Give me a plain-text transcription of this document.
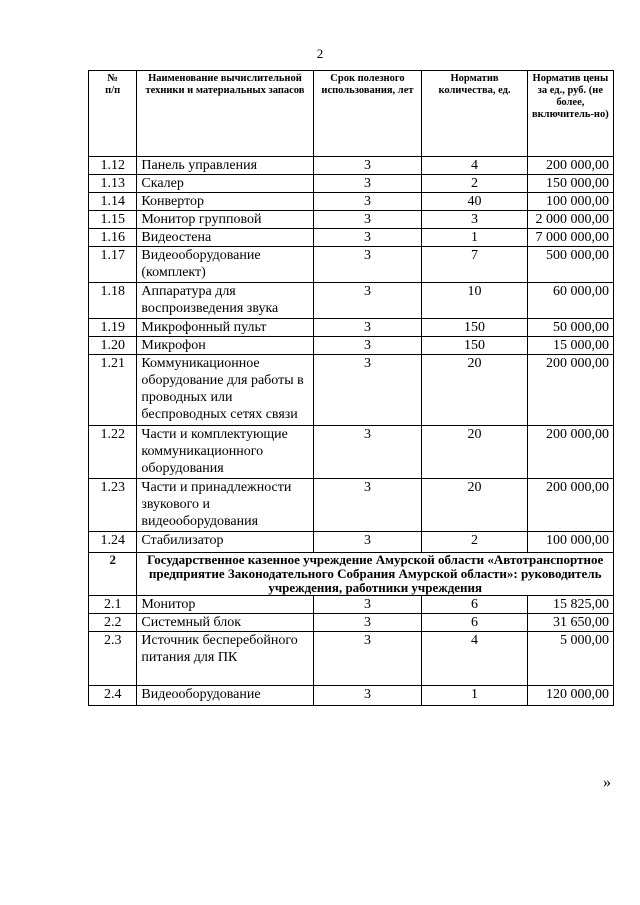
2
№
п/п	Наименование вычислительной техники и материальных запасов	Срок полезного использования, лет	Норматив количества, ед.	Норматив цены за ед., руб. (не более, включитель-но)
1.12	Панель управления	3	4	200 000,00
1.13	Скалер	3	2	150 000,00
1.14	Конвертор	3	40	100 000,00
1.15	Монитор групповой	3	3	2 000 000,00
1.16	Видеостена	3	1	7 000 000,00
1.17	Видеооборудование (комплект)	3	7	500 000,00
1.18	Аппаратура для воспроизведения звука	3	10	60 000,00
1.19	Микрофонный пульт	3	150	50 000,00
1.20	Микрофон	3	150	15 000,00
1.21	Коммуникационное оборудование для работы в проводных или беспроводных сетях связи	3	20	200 000,00
1.22	Части и комплектующие коммуникационного оборудования	3	20	200 000,00
1.23	Части и принадлежности звукового и видеооборудования	3	20	200 000,00
1.24	Стабилизатор	3	2	100 000,00
2	Государственное казенное учреждение Амурской области «Автотранспортное предприятие Законодательного Собрания Амурской области»: руководитель учреждения, работники учреждения			
2.1	Монитор	3	6	15 825,00
2.2	Системный блок	3	6	31 650,00
2.3	Источник бесперебойного питания для ПК	3	4	5 000,00
2.4	Видеооборудование	3	1	120 000,00
»
